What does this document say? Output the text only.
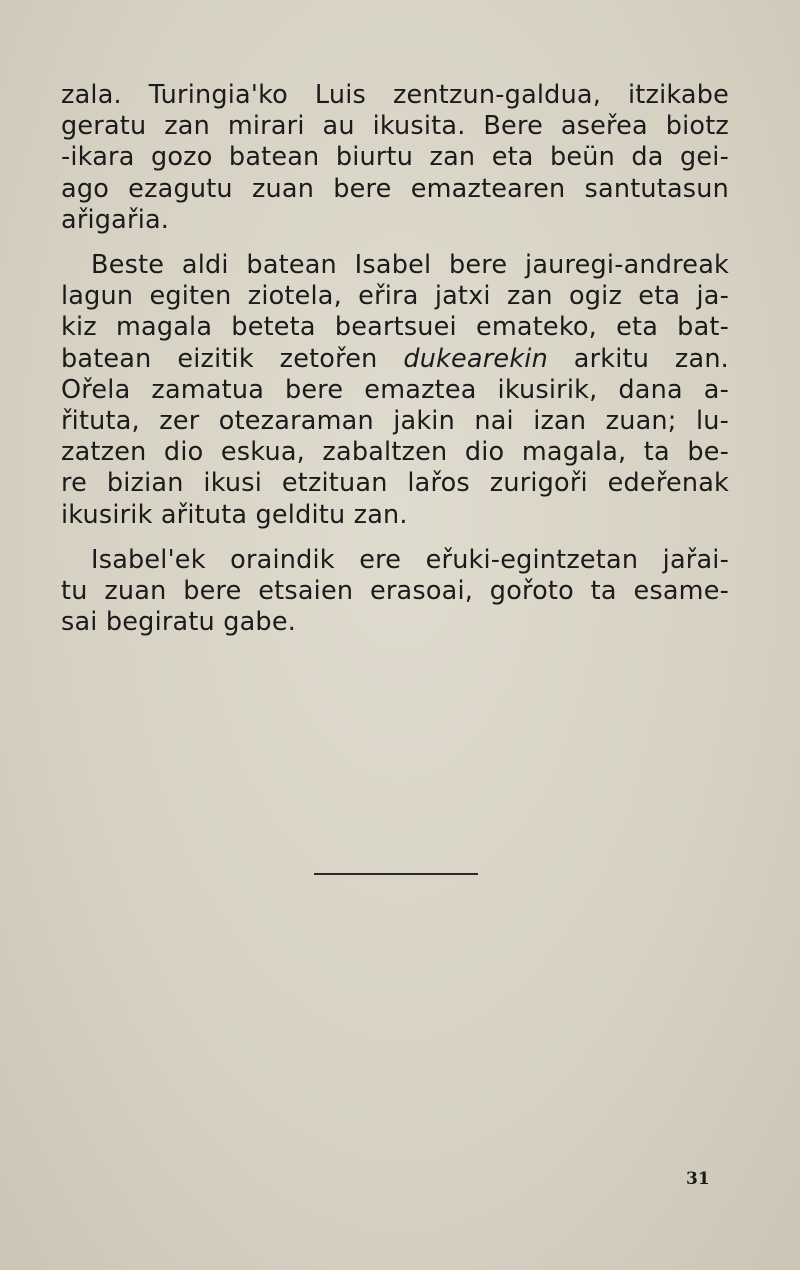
zala. Turingia'ko Luis zentzun-galdua, itzikabe
geratu zan mirari au ikusita. Bere aseřea biotz
-ikara gozo batean biurtu zan eta beün da gei-
ago ezagutu zuan bere emaztearen santutasun
ařigařia.
Beste aldi batean Isabel bere jauregi-andreak
lagun egiten ziotela, eřira jatxi zan ogiz eta ja-
kiz magala beteta beartsuei emateko, eta bat-
batean eizitik zetořen dukearekin arkitu zan.
Ořela zamatua bere emaztea ikusirik, dana a-
řituta, zer otezaraman jakin nai izan zuan; lu-
zatzen dio eskua, zabaltzen dio magala, ta be-
re bizian ikusi etzituan lařos zurigoři edeřenak
ikusirik ařituta gelditu zan.
Isabel'ek oraindik ere eřuki-egintzetan jařai-
tu zuan bere etsaien erasoai, gořoto ta esame-
sai begiratu gabe.
31
